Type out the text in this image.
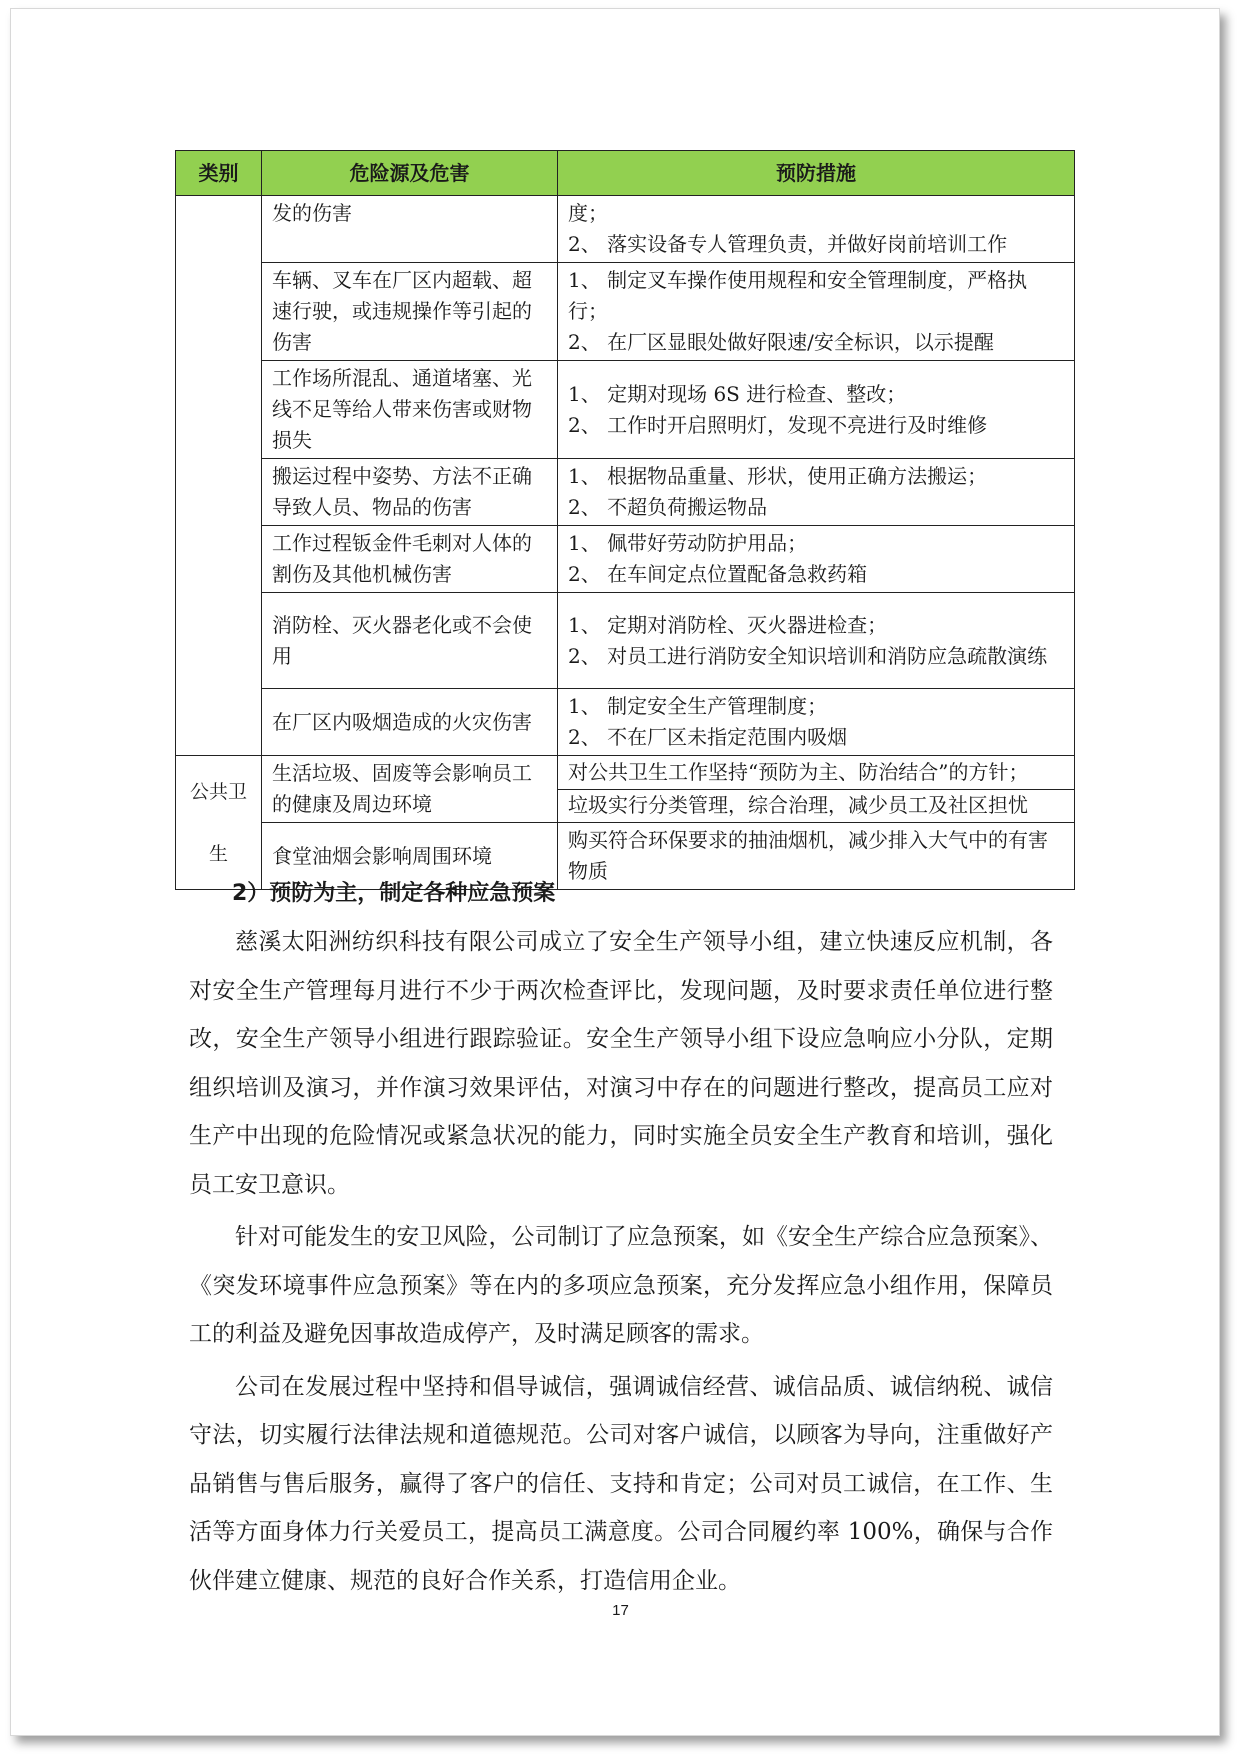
类别	危险源及危害	预防措施
	发的伤害	度；
2、 落实设备专人管理负责，并做好岗前培训工作

	车辆、叉车在厂区内超载、超速行驶，或违规操作等引起的伤害	1、 制定叉车操作使用规程和安全管理制度，严格执行；
2、 在厂区显眼处做好限速/安全标识，以示提醒

	工作场所混乱、通道堵塞、光线不足等给人带来伤害或财物损失	1、 定期对现场 6S 进行检查、整改；
2、 工作时开启照明灯，发现不亮进行及时维修

	搬运过程中姿势、方法不正确导致人员、物品的伤害	1、 根据物品重量、形状，使用正确方法搬运；
2、 不超负荷搬运物品

	工作过程钣金件毛刺对人体的割伤及其他机械伤害	1、 佩带好劳动防护用品；
2、 在车间定点位置配备急救药箱

	消防栓、灭火器老化或不会使用	1、 定期对消防栓、灭火器进检查；
2、 对员工进行消防安全知识培训和消防应急疏散演练

	在厂区内吸烟造成的火灾伤害	1、 制定安全生产管理制度；
2、 不在厂区未指定范围内吸烟

公共卫生	生活垃圾、固废等会影响员工的健康及周边环境	对公共卫生工作坚持“预防为主、防治结合”的方针；
		垃圾实行分类管理，综合治理，减少员工及社区担忧
	食堂油烟会影响周围环境	购买符合环保要求的抽油烟机，减少排入大气中的有害物质
2）预防为主，制定各种应急预案

慈溪太阳洲纺织科技有限公司成立了安全生产领导小组，建立快速反应机制，各对安全生产管理每月进行不少于两次检查评比，发现问题，及时要求责任单位进行整改，安全生产领导小组进行跟踪验证。安全生产领导小组下设应急响应小分队，定期组织培训及演习，并作演习效果评估，对演习中存在的问题进行整改，提高员工应对生产中出现的危险情况或紧急状况的能力，同时实施全员安全生产教育和培训，强化员工安卫意识。

针对可能发生的安卫风险，公司制订了应急预案，如《安全生产综合应急预案》、《突发环境事件应急预案》等在内的多项应急预案，充分发挥应急小组作用，保障员工的利益及避免因事故造成停产，及时满足顾客的需求。

公司在发展过程中坚持和倡导诚信，强调诚信经营、诚信品质、诚信纳税、诚信守法，切实履行法律法规和道德规范。公司对客户诚信，以顾客为导向，注重做好产品销售与售后服务，赢得了客户的信任、支持和肯定；公司对员工诚信，在工作、生活等方面身体力行关爱员工，提高员工满意度。公司合同履约率 100%，确保与合作伙伴建立健康、规范的良好合作关系，打造信用企业。

17
